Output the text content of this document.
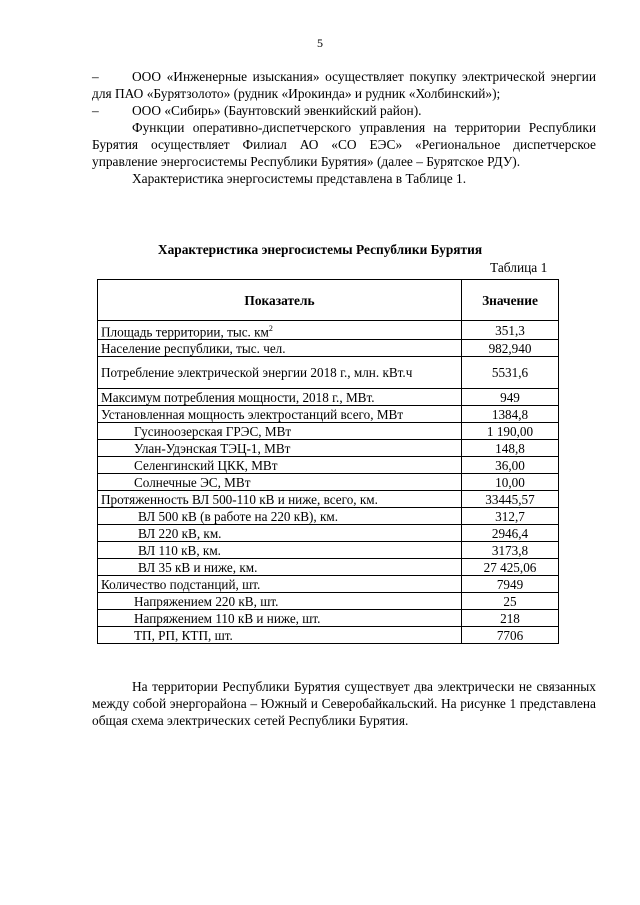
5
– ООО «Инженерные изыскания» осуществляет покупку электрической энергии для ПАО «Бурятзолото» (рудник «Ирокинда» и рудник «Холбинский»);
– ООО «Сибирь» (Баунтовский эвенкийский район).
Функции оперативно-диспетчерского управления на территории Республики Бурятия осуществляет Филиал АО «СО ЕЭС» «Региональное диспетчерское управление энергосистемы Республики Бурятия» (далее – Бурятское РДУ).
Характеристика энергосистемы представлена в Таблице 1.
Характеристика энергосистемы Республики Бурятия
Таблица 1
Показатель	Значение
Площадь территории, тыс. $км^2$	351,3
Население республики, тыс. чел.	982,940
Потребление электрической энергии 2018 г., млн. кВт.ч	5531,6
Максимум потребления мощности, 2018 г., МВт.	949
Установленная мощность электростанций всего, МВт	1384,8
Гусиноозерская ГРЭС, МВт	1 190,00
Улан-Удэнская ТЭЦ-1, МВт	148,8
Селенгинский ЦКК, МВт	36,00
Солнечные ЭС, МВт	10,00
Протяженность ВЛ 500-110 кВ и ниже, всего, км.	33445,57
ВЛ 500 кВ (в работе на 220 кВ), км.	312,7
ВЛ 220 кВ, км.	2946,4
ВЛ 110 кВ, км.	3173,8
ВЛ 35 кВ и ниже, км.	27 425,06
Количество подстанций, шт.	7949
Напряжением 220 кВ, шт.	25
Напряжением 110 кВ и ниже, шт.	218
ТП, РП, КТП, шт.	7706
На территории Республики Бурятия существует два электрически не связанных между собой энергорайона – Южный и Северобайкальский. На рисунке 1 представлена общая схема электрических сетей Республики Бурятия.
